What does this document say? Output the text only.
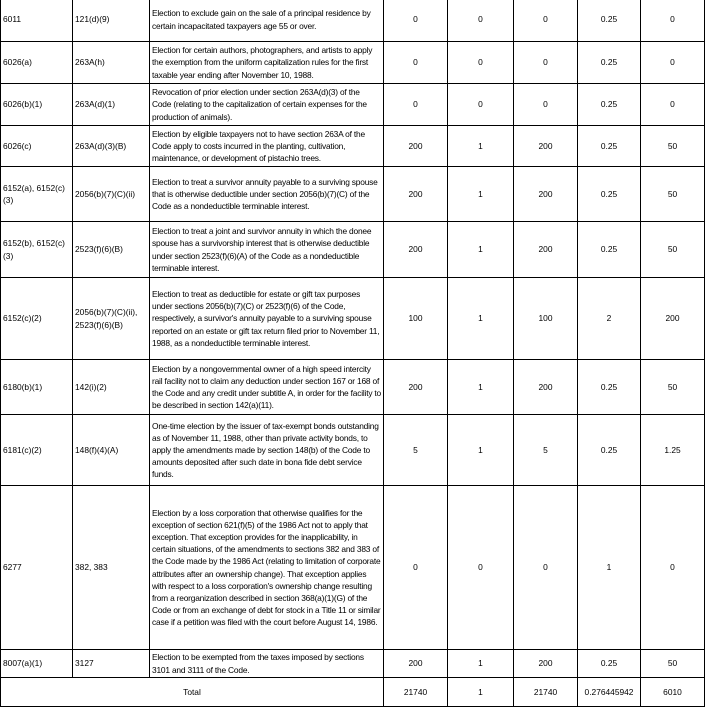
6011	121(d)(9)	Election to exclude gain on the sale of a principal residence by certain incapacitated taxpayers age 55 or over.	0	0	0	0.25	0
6026(a)	263A(h)	Election for certain authors, photographers, and artists to apply the exemption from the uniform capitalization rules for the first taxable year ending after November 10, 1988.	0	0	0	0.25	0
6026(b)(1)	263A(d)(1)	Revocation of prior election under section 263A(d)(3) of the Code (relating to the capitalization of certain expenses for the production of animals).	0	0	0	0.25	0
6026(c)	263A(d)(3)(B)	Election by eligible taxpayers not to have section 263A of the Code apply to costs incurred in the planting, cultivation, maintenance, or development of pistachio trees.	200	1	200	0.25	50
6152(a), 6152(c)(3)	2056(b)(7)(C)(ii)	Election to treat a survivor annuity payable to a surviving spouse that is otherwise deductible under section 2056(b)(7)(C) of the Code as a nondeductible terminable interest.	200	1	200	0.25	50
6152(b), 6152(c)(3)	2523(f)(6)(B)	Election to treat a joint and survivor annuity in which the donee spouse has a survivorship interest that is otherwise deductible under section 2523(f)(6)(A) of the Code as a nondeductible terminable interest.	200	1	200	0.25	50
6152(c)(2)	2056(b)(7)(C)(ii), 2523(f)(6)(B)	Election to treat as deductible for estate or gift tax purposes under sections 2056(b)(7)(C) or 2523(f)(6) of the Code, respectively, a survivor's annuity payable to a surviving spouse reported on an estate or gift tax return filed prior to November 11, 1988, as a nondeductible terminable interest.	100	1	100	2	200
6180(b)(1)	142(i)(2)	Election by a nongovernmental owner of a high speed intercity rail facility not to claim any deduction under section 167 or 168 of the Code and any credit under subtitle A, in order for the facility to be described in section 142(a)(11).	200	1	200	0.25	50
6181(c)(2)	148(f)(4)(A)	One-time election by the issuer of tax-exempt bonds outstanding as of November 11, 1988, other than private activity bonds, to apply the amendments made by section 148(b) of the Code to amounts deposited after such date in bona fide debt service funds.	5	1	5	0.25	1.25
6277	382, 383	Election by a loss corporation that otherwise qualifies for the exception of section 621(f)(5) of the 1986 Act not to apply that exception. That exception provides for the inapplicability, in certain situations, of the amendments to sections 382 and 383 of the Code made by the 1986 Act (relating to limitation of corporate attributes after an ownership change). That exception applies with respect to a loss corporation's ownership change resulting from a reorganization described in section 368(a)(1)(G) of the Code or from an exchange of debt for stock in a Title 11 or similar case if a petition was filed with the court before August 14, 1986.	0	0	0	1	0
8007(a)(1)	3127	Election to be exempted from the taxes imposed by sections 3101 and 3111 of the Code.	200	1	200	0.25	50
Total			21740	1	21740	0.276445942	6010
